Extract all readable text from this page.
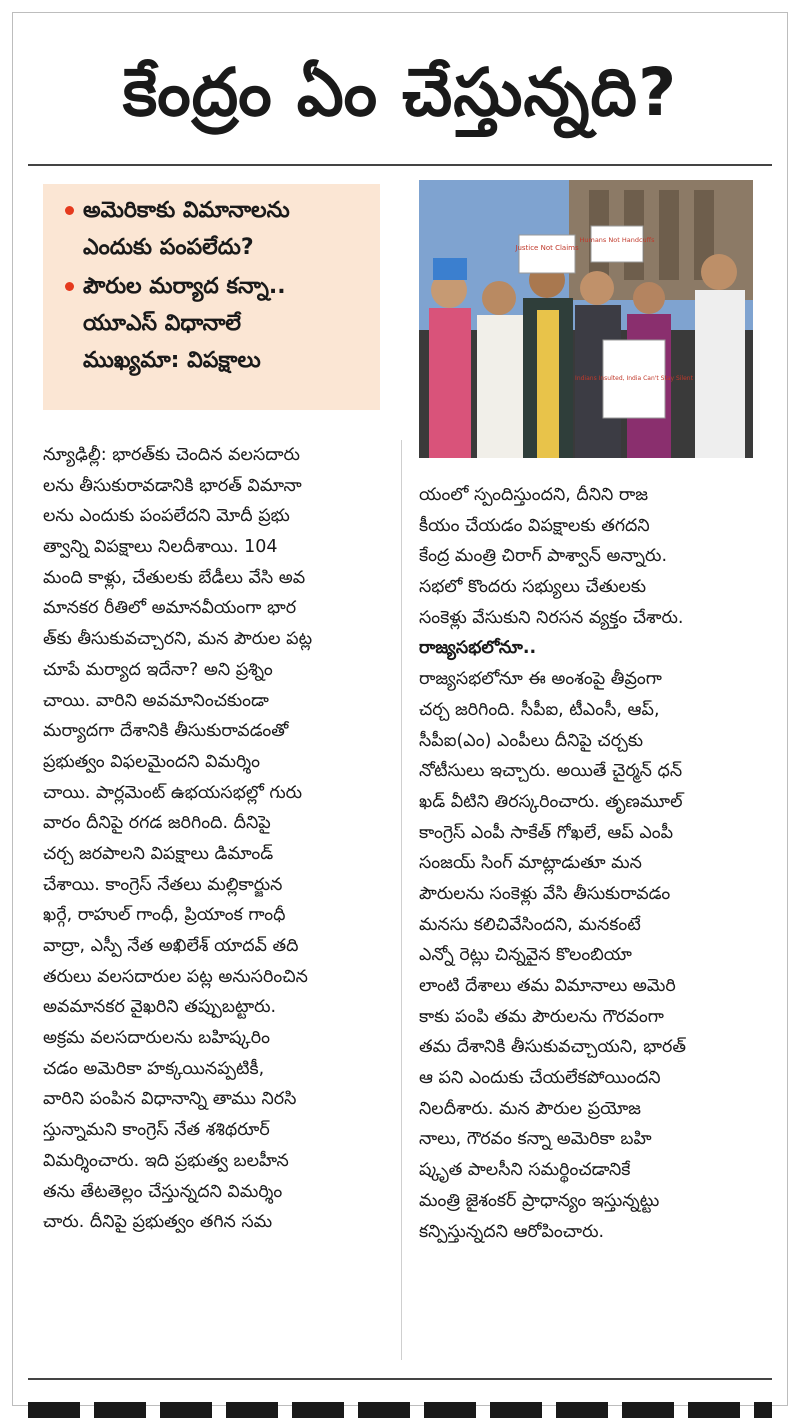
కేంద్రం ఏం చేస్తున్నది?
అమెరికాకు విమానాలను
ఎందుకు పంపలేదు?
పౌరుల మర్యాద కన్నా..
యూఎస్ విధానాలే
ముఖ్యమా: విపక్షాలు
Justice Not Claims
Humans Not Handcuffs
Indians Insulted, India Can't Stay Silent
న్యూఢిల్లీ: భారత్‌కు చెందిన వలసదారు
లను తీసుకురావడానికి భారత్ విమానా
లను ఎందుకు పంపలేదని మోదీ ప్రభు
త్వాన్ని విపక్షాలు నిలదీశాయి. 104
మంది కాళ్లు, చేతులకు బేడీలు వేసి అవ
మానకర రీతిలో అమానవీయంగా భార
త్‌కు తీసుకువచ్చారని, మన పౌరుల పట్ల
చూపే మర్యాద ఇదేనా? అని ప్రశ్నిం
చాయి. వారిని అవమానించకుండా
మర్యాదగా దేశానికి తీసుకురావడంతో
ప్రభుత్వం విఫలమైందని విమర్శిం
చాయి. పార్లమెంట్ ఉభయసభల్లో గురు
వారం దీనిపై రగడ జరిగింది. దీనిపై
చర్చ జరపాలని విపక్షాలు డిమాండ్
చేశాయి. కాంగ్రెస్ నేతలు మల్లికార్జున
ఖర్గే, రాహుల్ గాంధీ, ప్రియాంక గాంధీ
వాద్రా, ఎస్పీ నేత అఖిలేశ్ యాదవ్ తది
తరులు వలసదారుల పట్ల అనుసరించిన
అవమానకర వైఖరిని తప్పుబట్టారు.
అక్రమ వలసదారులను బహిష్కరిం
చడం అమెరికా హక్కయినప్పటికీ,
వారిని పంపిన విధానాన్ని తాము నిరసి
స్తున్నామని కాంగ్రెస్ నేత శశిథరూర్
విమర్శించారు. ఇది ప్రభుత్వ బలహీన
తను తేటతెల్లం చేస్తున్నదని విమర్శిం
చారు. దీనిపై ప్రభుత్వం తగిన సమ
యంలో స్పందిస్తుందని, దీనిని రాజ
కీయం చేయడం విపక్షాలకు తగదని
కేంద్ర మంత్రి చిరాగ్ పాశ్వాన్ అన్నారు.
సభలో కొందరు సభ్యులు చేతులకు
సంకెళ్లు వేసుకుని నిరసన వ్యక్తం చేశారు.
రాజ్యసభలోనూ..
రాజ్యసభలోనూ ఈ అంశంపై తీవ్రంగా
చర్చ జరిగింది. సీపీఐ, టీఎంసీ, ఆప్,
సీపీఐ(ఎం) ఎంపీలు దీనిపై చర్చకు
నోటీసులు ఇచ్చారు. అయితే చైర్మన్ ధన్
ఖడ్ వీటిని తిరస్కరించారు. తృణమూల్
కాంగ్రెస్ ఎంపీ సాకేత్ గోఖలే, ఆప్ ఎంపీ
సంజయ్ సింగ్ మాట్లాడుతూ మన
పౌరులను సంకెళ్లు వేసి తీసుకురావడం
మనసు కలిచివేసిందని, మనకంటే
ఎన్నో రెట్లు చిన్నవైన కొలంబియా
లాంటి దేశాలు తమ విమానాలు అమెరి
కాకు పంపి తమ పౌరులను గౌరవంగా
తమ దేశానికి తీసుకువచ్చాయని, భారత్
ఆ పని ఎందుకు చేయలేకపోయిందని
నిలదీశారు. మన పౌరుల ప్రయోజ
నాలు, గౌరవం కన్నా అమెరికా బహి
ష్కృత పాలసీని సమర్థించడానికే
మంత్రి జైశంకర్ ప్రాధాన్యం ఇస్తున్నట్టు
కన్పిస్తున్నదని ఆరోపించారు.
